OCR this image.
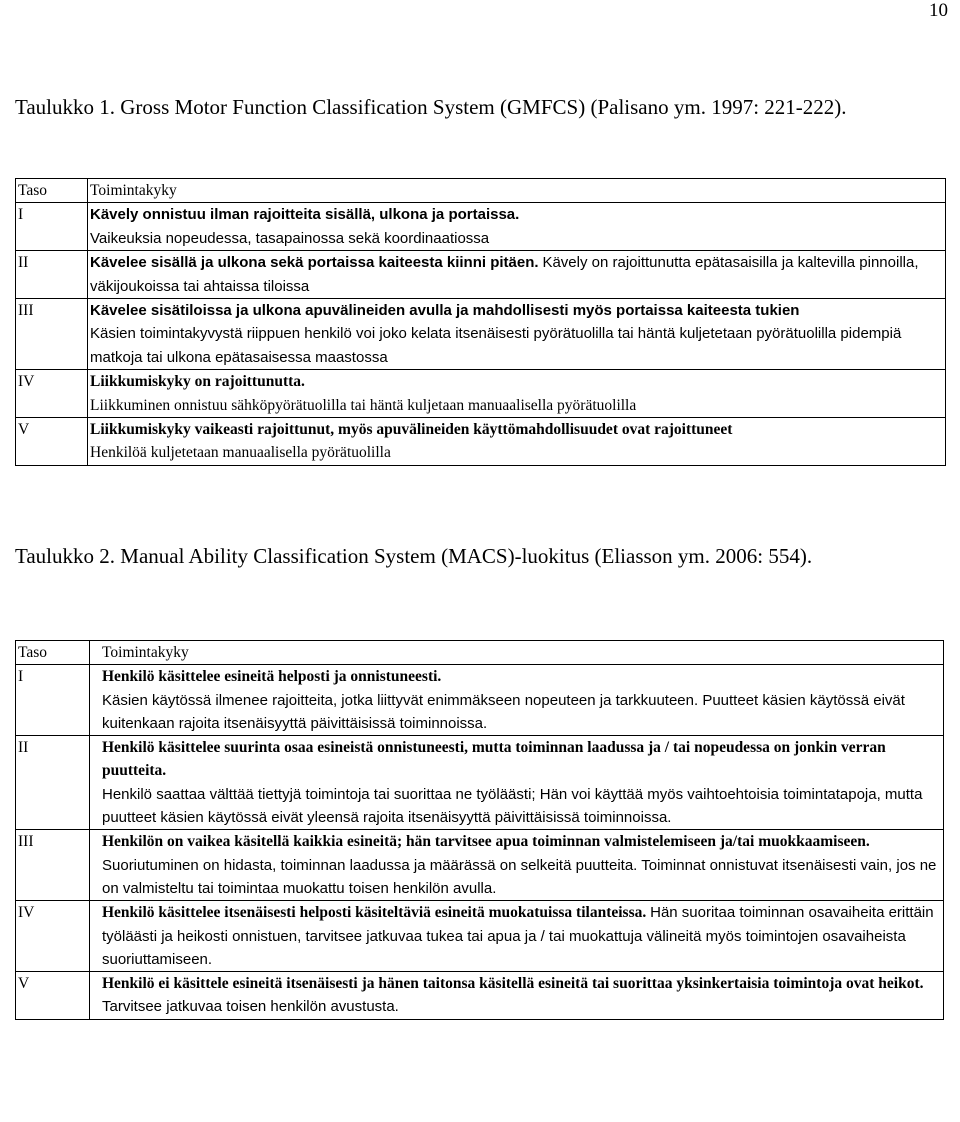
10
Taulukko 1. Gross Motor Function Classification System (GMFCS) (Palisano ym. 1997: 221-222).
Taso	Toimintakyky
I	Kävely onnistuu ilman rajoitteita sisällä, ulkona ja portaissa.
Vaikeuksia nopeudessa, tasapainossa sekä koordinaatiossa
II	Kävelee sisällä ja ulkona sekä portaissa kaiteesta kiinni pitäen. Kävely on rajoittunutta epätasaisilla ja kaltevilla pinnoilla, väkijoukoissa tai ahtaissa tiloissa
III	Kävelee sisätiloissa ja ulkona apuvälineiden avulla ja mahdollisesti myös portaissa kaiteesta tukien
Käsien toimintakyvystä riippuen henkilö voi joko kelata itsenäisesti pyörätuolilla tai häntä kuljetetaan pyörätuolilla pidempiä matkoja tai ulkona epätasaisessa maastossa
IV	Liikkumiskyky on rajoittunutta.
Liikkuminen onnistuu sähköpyörätuolilla tai häntä kuljetaan manuaalisella pyörätuolilla
V	Liikkumiskyky vaikeasti rajoittunut, myös apuvälineiden käyttömahdollisuudet ovat rajoittuneet
Henkilöä kuljetetaan manuaalisella pyörätuolilla
Taulukko 2. Manual Ability Classification System (MACS)-luokitus (Eliasson ym. 2006: 554).
Taso	Toimintakyky
I	Henkilö käsittelee esineitä helposti ja onnistuneesti.
Käsien käytössä ilmenee rajoitteita, jotka liittyvät enimmäkseen nopeuteen ja tarkkuuteen. Puutteet käsien käytössä eivät kuitenkaan rajoita itsenäisyyttä päivittäisissä toiminnoissa.
II	Henkilö käsittelee suurinta osaa esineistä onnistuneesti, mutta toiminnan laadussa ja / tai nopeudessa on jonkin verran puutteita.
Henkilö saattaa välttää tiettyjä toimintoja tai suorittaa ne työläästi; Hän voi käyttää myös vaihtoehtoisia toimintatapoja, mutta puutteet käsien käytössä eivät yleensä rajoita itsenäisyyttä päivittäisissä toiminnoissa.
III	Henkilön on vaikea käsitellä kaikkia esineitä; hän tarvitsee apua toiminnan valmistelemiseen ja/tai muokkaamiseen. Suoriutuminen on hidasta, toiminnan laadussa ja määrässä on selkeitä puutteita. Toiminnat onnistuvat itsenäisesti vain, jos ne on valmisteltu tai toimintaa muokattu toisen henkilön avulla.
IV	Henkilö käsittelee itsenäisesti helposti käsiteltäviä esineitä muokatuissa tilanteissa. Hän suoritaa toiminnan osavaiheita erittäin työläästi ja heikosti onnistuen, tarvitsee jatkuvaa tukea tai apua ja / tai muokattuja välineitä myös toimintojen osavaiheista suoriuttamiseen.
V	Henkilö ei käsittele esineitä itsenäisesti ja hänen taitonsa käsitellä esineitä tai suorittaa yksinkertaisia toimintoja ovat heikot.
Tarvitsee jatkuvaa toisen henkilön avustusta.
